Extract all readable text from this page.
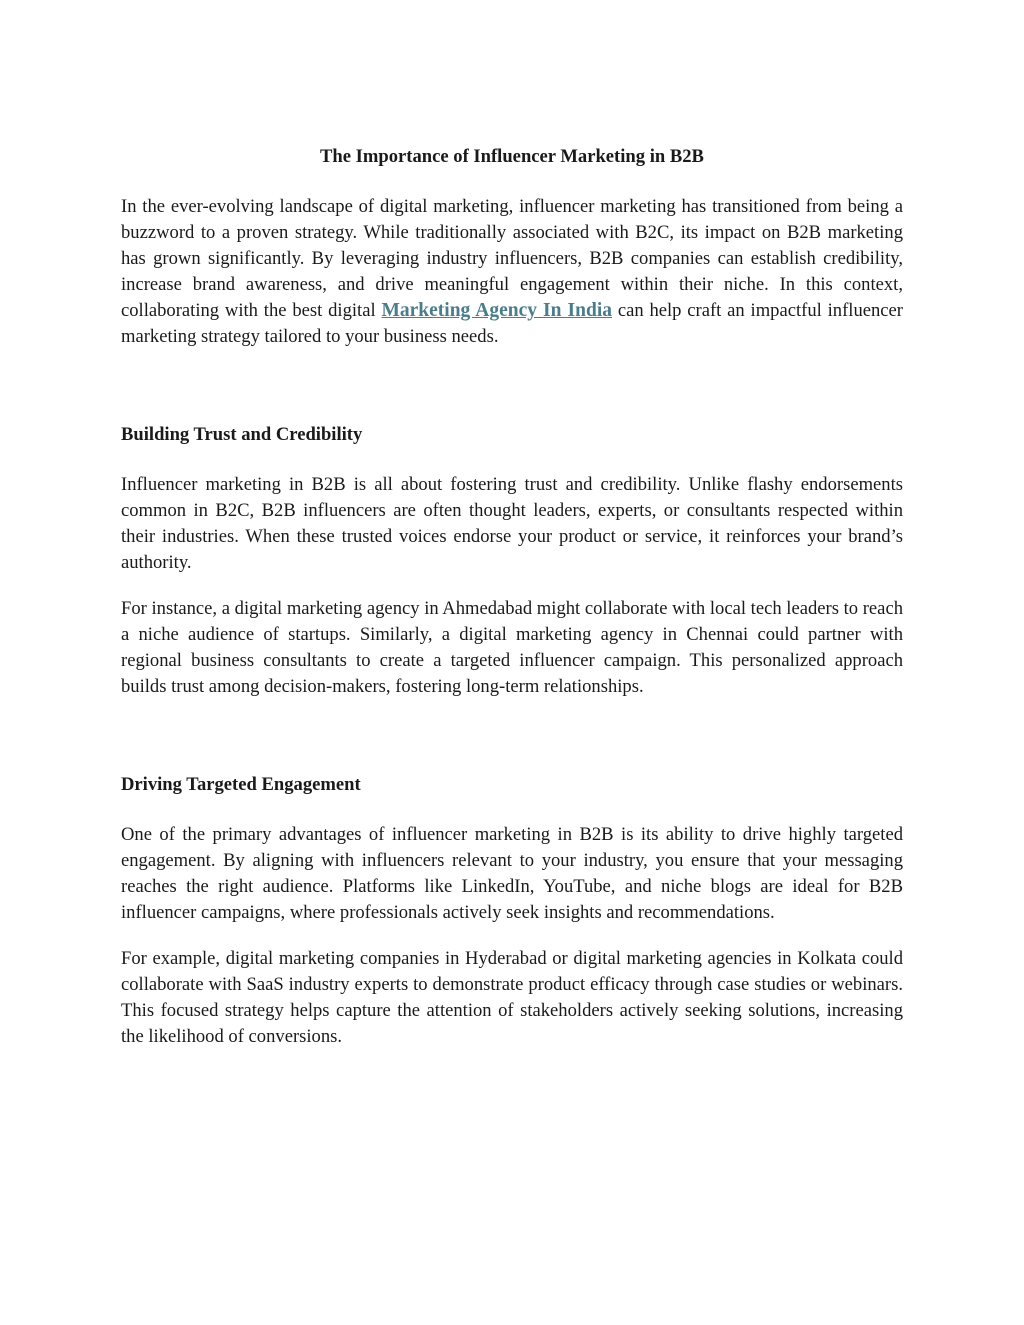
The Importance of Influencer Marketing in B2B

In the ever-evolving landscape of digital marketing, influencer marketing has transitioned from being a buzzword to a proven strategy. While traditionally associated with B2C, its impact on B2B marketing has grown significantly. By leveraging industry influencers, B2B companies can establish credibility, increase brand awareness, and drive meaningful engagement within their niche. In this context, collaborating with the best digital Marketing Agency In India can help craft an impactful influencer marketing strategy tailored to your business needs.

Building Trust and Credibility

Influencer marketing in B2B is all about fostering trust and credibility. Unlike flashy endorsements common in B2C, B2B influencers are often thought leaders, experts, or consultants respected within their industries. When these trusted voices endorse your product or service, it reinforces your brand’s authority.

For instance, a digital marketing agency in Ahmedabad might collaborate with local tech leaders to reach a niche audience of startups. Similarly, a digital marketing agency in Chennai could partner with regional business consultants to create a targeted influencer campaign. This personalized approach builds trust among decision-makers, fostering long-term relationships.

Driving Targeted Engagement

One of the primary advantages of influencer marketing in B2B is its ability to drive highly targeted engagement. By aligning with influencers relevant to your industry, you ensure that your messaging reaches the right audience. Platforms like LinkedIn, YouTube, and niche blogs are ideal for B2B influencer campaigns, where professionals actively seek insights and recommendations.

For example, digital marketing companies in Hyderabad or digital marketing agencies in Kolkata could collaborate with SaaS industry experts to demonstrate product efficacy through case studies or webinars. This focused strategy helps capture the attention of stakeholders actively seeking solutions, increasing the likelihood of conversions.
